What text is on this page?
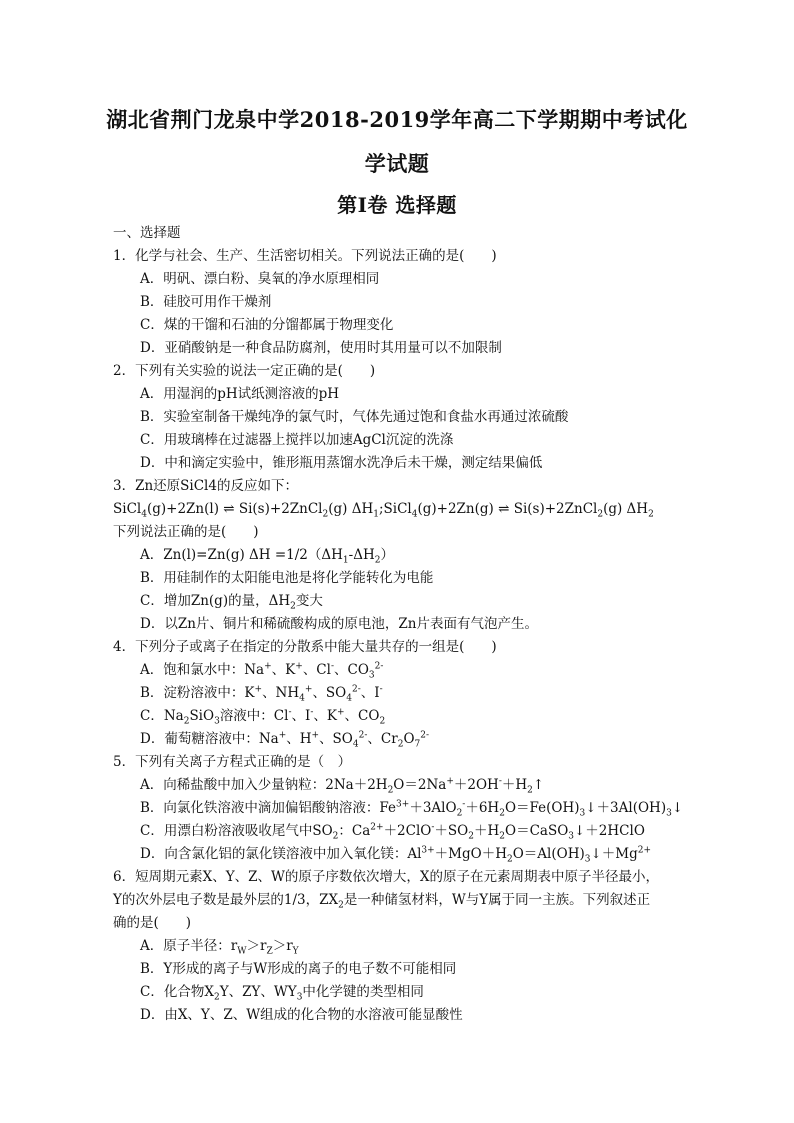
湖北省荆门龙泉中学2018-2019学年高二下学期期中考试化
学试题
第Ⅰ卷 选择题
一、选择题
1．化学与社会、生产、生活密切相关。下列说法正确的是(　　)
A．明矾、漂白粉、臭氧的净水原理相同
B．硅胶可用作干燥剂
C．煤的干馏和石油的分馏都属于物理变化
D．亚硝酸钠是一种食品防腐剂，使用时其用量可以不加限制
2．下列有关实验的说法一定正确的是(　　)
A．用湿润的pH试纸测溶液的pH
B．实验室制备干燥纯净的氯气时，气体先通过饱和食盐水再通过浓硫酸
C．用玻璃棒在过滤器上搅拌以加速AgCl沉淀的洗涤
D．中和滴定实验中，锥形瓶用蒸馏水洗净后未干燥，测定结果偏低
3．Zn还原SiCl4的反应如下：
SiCl$_4$(g)+2Zn(l) ⇌ Si(s)+2ZnCl$_2$(g) $\Delta H_1;SiCl_4(g)+2Zn(g)$ ⇌ Si(s)+2ZnCl$_2$(g) $\Delta H_2$
下列说法正确的是(　　)
A．Zn(l)=Zn(g) $\Delta H =1/2(\Delta H_1-\Delta H_2)$
B．用硅制作的太阳能电池是将化学能转化为电能
C．增加Zn(g)的量，$\Delta H_2$变大
D．以Zn片、铜片和稀硫酸构成的原电池，Zn片表面有气泡产生。
4．下列分子或离子在指定的分散系中能大量共存的一组是(　　)
A．饱和氯水中：Na+、K+、Cl-、$CO_3^{2-}$
B．淀粉溶液中：K+、$NH_4^+$、$SO_4^{2-}$、I-
C．$Na_2SiO_3$溶液中：Cl-、I-、K+、$CO_2$
D．葡萄糖溶液中：Na+、H+、$SO_4^{2-}$、$Cr_2O_7^{2-}$
5．下列有关离子方程式正确的是（　）
A．向稀盐酸中加入少量钠粒：$2Na+2H_2O=2Na^++2OH^-+H_2↑$
B．向氯化铁溶液中滴加偏铝酸钠溶液：$Fe^{3+}+3AlO_2^-+6H_2O=Fe(OH)_3↓+3Al(OH)_3↓$
C．用漂白粉溶液吸收尾气中$SO_2$：$Ca^{2+}+2ClO^-+SO_2+H_2O=CaSO_3↓+2HClO$
D．向含氯化铝的氯化镁溶液中加入氧化镁：$Al^{3+}+MgO+H_2O=Al(OH)_3↓+Mg^{2+}$
6．短周期元素X、Y、Z、W的原子序数依次增大，X的原子在元素周期表中原子半径最小，
Y的次外层电子数是最外层的1/3，$ZX_2$是一种储氢材料，W与Y属于同一主族。下列叙述正
确的是(　　)
A．原子半径：$r_W>r_Z>r_Y$
B．Y形成的离子与W形成的离子的电子数不可能相同
C．化合物$X_2Y$、ZY、$WY_3$中化学键的类型相同
D．由X、Y、Z、W组成的化合物的水溶液可能显酸性
